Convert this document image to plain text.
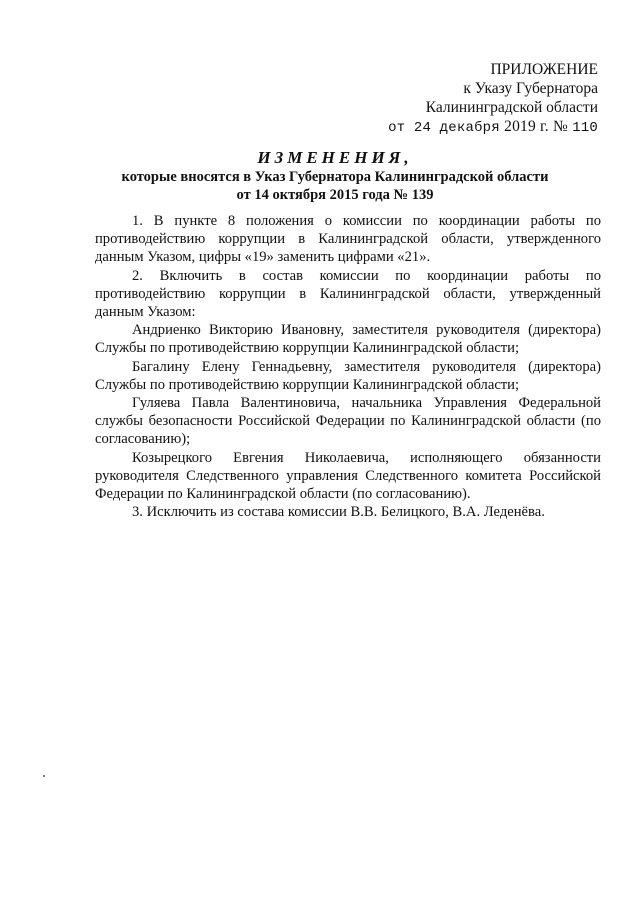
ПРИЛОЖЕНИЕ
к Указу Губернатора
Калининградской области
от 24 декабря 2019 г. № 110
ИЗМЕНЕНИЯ,
которые вносятся в Указ Губернатора Калининградской области
от 14 октября 2015 года № 139

1. В пункте 8 положения о комиссии по координации работы по противодействию коррупции в Калининградской области, утвержденного данным Указом, цифры «19» заменить цифрами «21».

2. Включить в состав комиссии по координации работы по противодействию коррупции в Калининградской области, утвержденный данным Указом:

Андриенко Викторию Ивановну, заместителя руководителя (директора) Службы по противодействию коррупции Калининградской области;

Багалину Елену Геннадьевну, заместителя руководителя (директора) Службы по противодействию коррупции Калининградской области;

Гуляева Павла Валентиновича, начальника Управления Федеральной службы безопасности Российской Федерации по Калининградской области (по согласованию);

Козырецкого Евгения Николаевича, исполняющего обязанности руководителя Следственного управления Следственного комитета Российской Федерации по Калининградской области (по согласованию).

3. Исключить из состава комиссии В.В. Белицкого, В.А. Леденёва.
